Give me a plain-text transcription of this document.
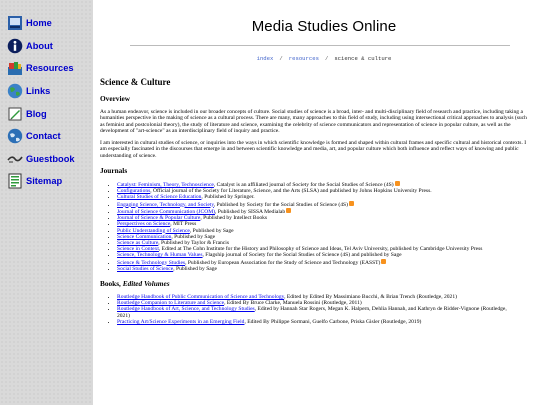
Home
About
Resources
Links
Blog
Contact
Guestbook
Sitemap
Media Studies Online
index / resources / science & culture
Science & Culture
Overview

As a human endeavor, science is included in our broader concepts of culture. Social studies of science is a broad, inter- and multi-disciplinary field of research and practice, including taking a humanities perspective in the making of science as a cultural process. There are many, many approaches to this field of study, including using intersectional critical approaches to analysis (such as feminist and postcolonial theory), the study of literature and science, examining the celebrity of science communicators and representation of science in popular culture, as well as the development of "art-science" as an interdisciplinary field of inquiry and practice.

I am interested in cultural studies of science, or inquiries into the ways in which scientific knowledge is formed and shaped within cultural frames and specific cultural and historical contexts. I am especially fascinated in the discourses that emerge in and between scientific knowledge and media, art, and popular culture which both influence and reflect ways of knowing and public understanding of science.

Journals
• Catalyst: Feminism, Theory, Technoscience, Catalyst is an affiliated journal of Society for the Social Studies of Science (4S)
• Configurations, Official journal of the Society for Literature, Science, and the Arts (SLSA) and published by Johns Hopkins University Press.
• Cultural Studies of Science Education, Published by Springer.
• Engaging Science, Technology, and Society, Published by Society for the Social Studies of Science (4S)
• Journal of Science Communication (JCOM), Published by SISSA Medialab
• Journal of Science & Popular Culture, Published by Intellect Books
• Perspectives on Science, MIT Press
• Public Understanding of Science, Published by Sage
• Science Communication, Published by Sage
• Science as Culture, Published by Taylor & Francis
• Science in Context, Edited at The Cohn Institute for the History and Philosophy of Science and Ideas, Tel Aviv University, published by Cambridge University Press
• Science, Technology & Human Values, Flagship journal of Society for the Social Studies of Science (4S) and published by Sage
• Science & Technology Studies, Published by European Association for the Study of Science and Technology (EASST)
• Social Studies of Science, Published by Sage
Books, Edited Volumes
• Routledge Handbook of Public Communication of Science and Technology, Edited by Edited By Massimiano Bucchi, & Brian Trench (Routledge, 2021)
• Routledge Companion to Literature and Science, Edited By Bruce Clarke, Manuela Rossini (Routledge, 2011)
• Routledge Handbook of Art, Science, and Technology Studies, Edited by Hannah Star Rogers, Megan K. Halpern, Dehlia Hannah, and Kathryn de Ridder-Vignone (Routledge, 2021)
• Practicing Art/Science Experiments in an Emerging Field, Edited By Philippe Sormani, Guelfo Carbone, Priska Gisler (Routledge, 2019)
